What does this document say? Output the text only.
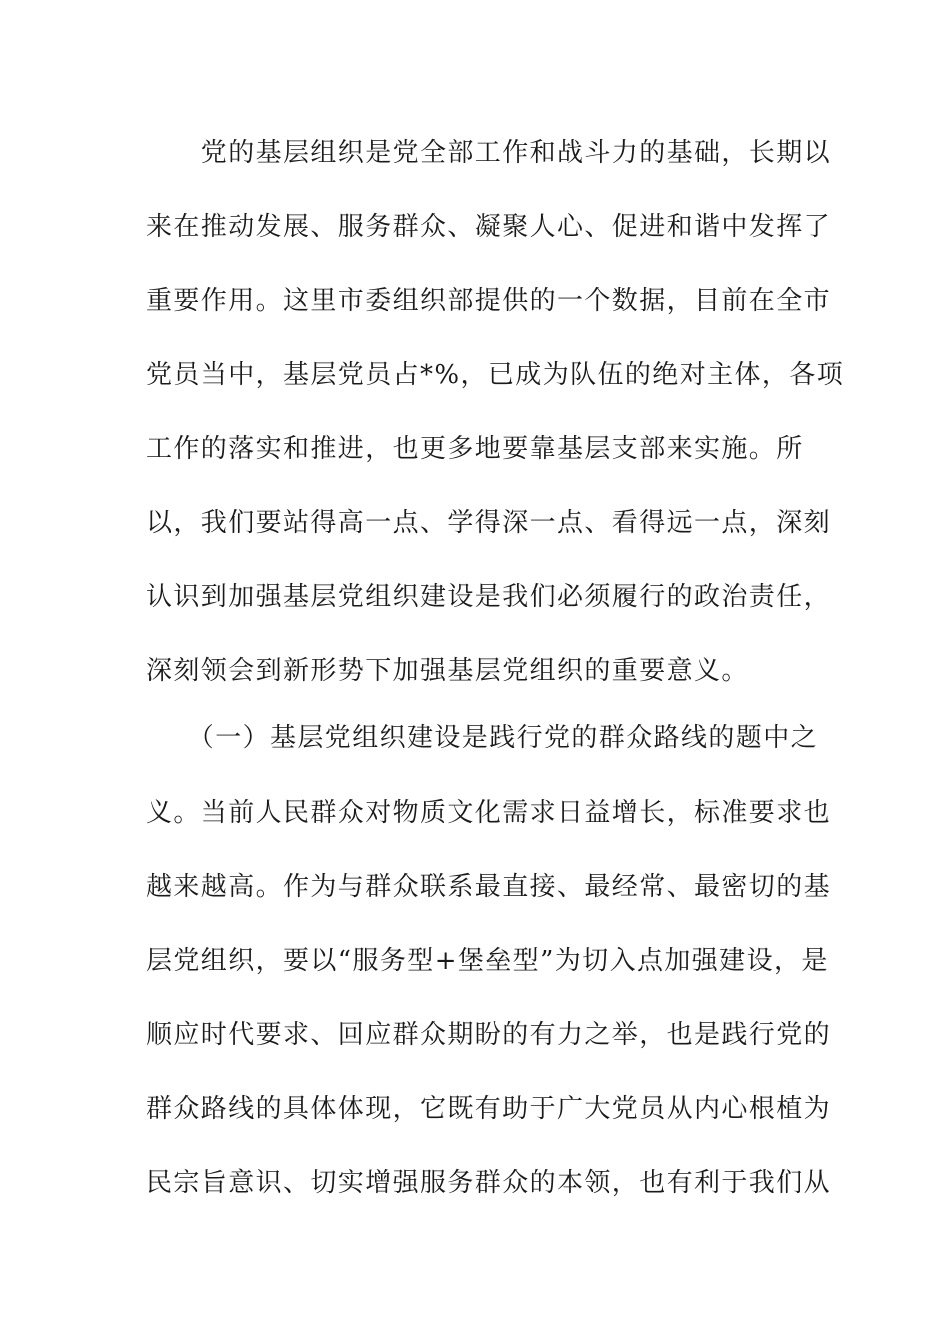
　　党的基层组织是党全部工作和战斗力的基础，长期以
来在推动发展、服务群众、凝聚人心、促进和谐中发挥了
重要作用。这里市委组织部提供的一个数据，目前在全市
党员当中，基层党员占*%，已成为队伍的绝对主体，各项
工作的落实和推进，也更多地要靠基层支部来实施。所
以，我们要站得高一点、学得深一点、看得远一点，深刻
认识到加强基层党组织建设是我们必须履行的政治责任，
深刻领会到新形势下加强基层党组织的重要意义。
　　（一）基层党组织建设是践行党的群众路线的题中之
义。当前人民群众对物质文化需求日益增长，标准要求也
越来越高。作为与群众联系最直接、最经常、最密切的基
层党组织，要以“服务型+堡垒型”为切入点加强建设，是
顺应时代要求、回应群众期盼的有力之举，也是践行党的
群众路线的具体体现，它既有助于广大党员从内心根植为
民宗旨意识、切实增强服务群众的本领，也有利于我们从
